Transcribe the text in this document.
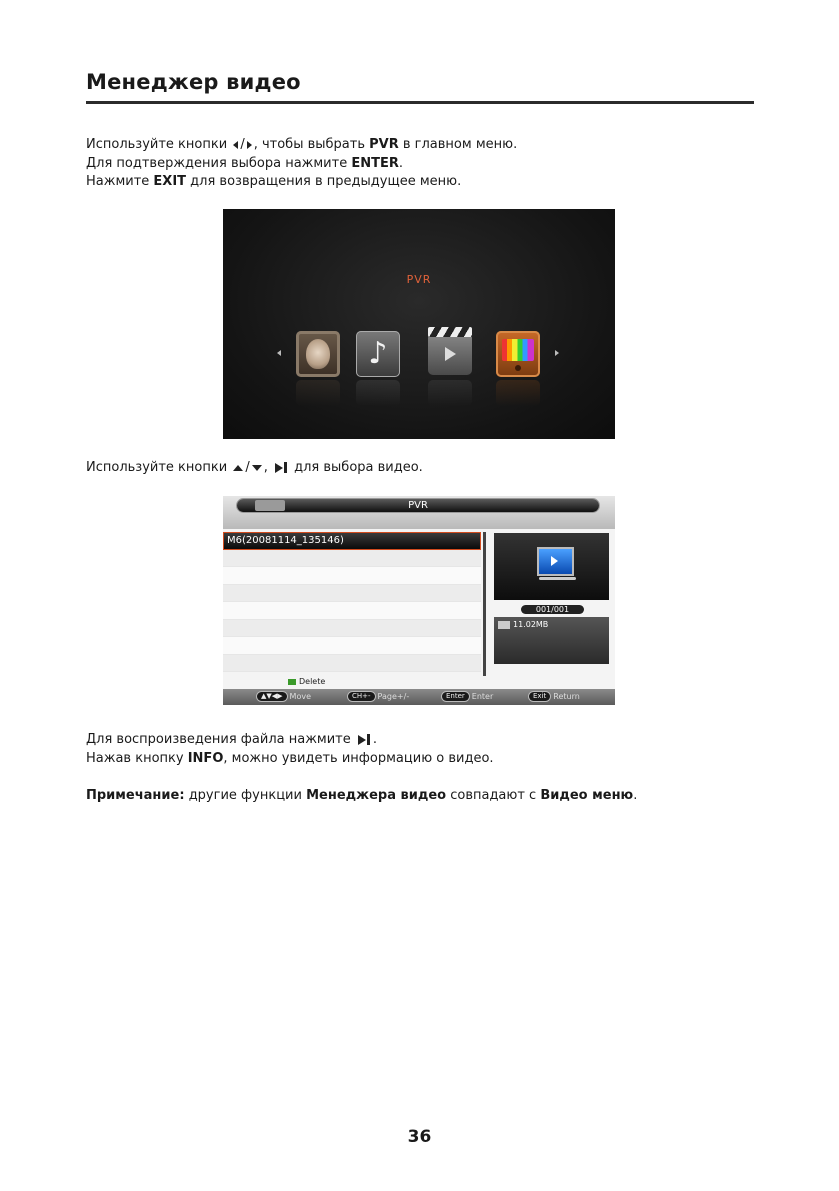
Менеджер видео
Используйте кнопки / , чтобы выбрать PVR в главном меню.
Для подтверждения выбора нажмите ENTER.
Нажмите EXIT для возвращения в предыдущее меню.
PVR
♪
Используйте кнопки / , для выбора видео.
PVR
M6(20081114_135146)
001/001
11.02MB
Delete
▲▼◀▶ Move	CH+- Page+/-	Enter Enter	Exit Return
Для воспроизведения файла нажмите .
Нажав кнопку INFO, можно увидеть информацию о видео.
Примечание: другие функции Менеджера видео совпадают с Видео меню.
36
